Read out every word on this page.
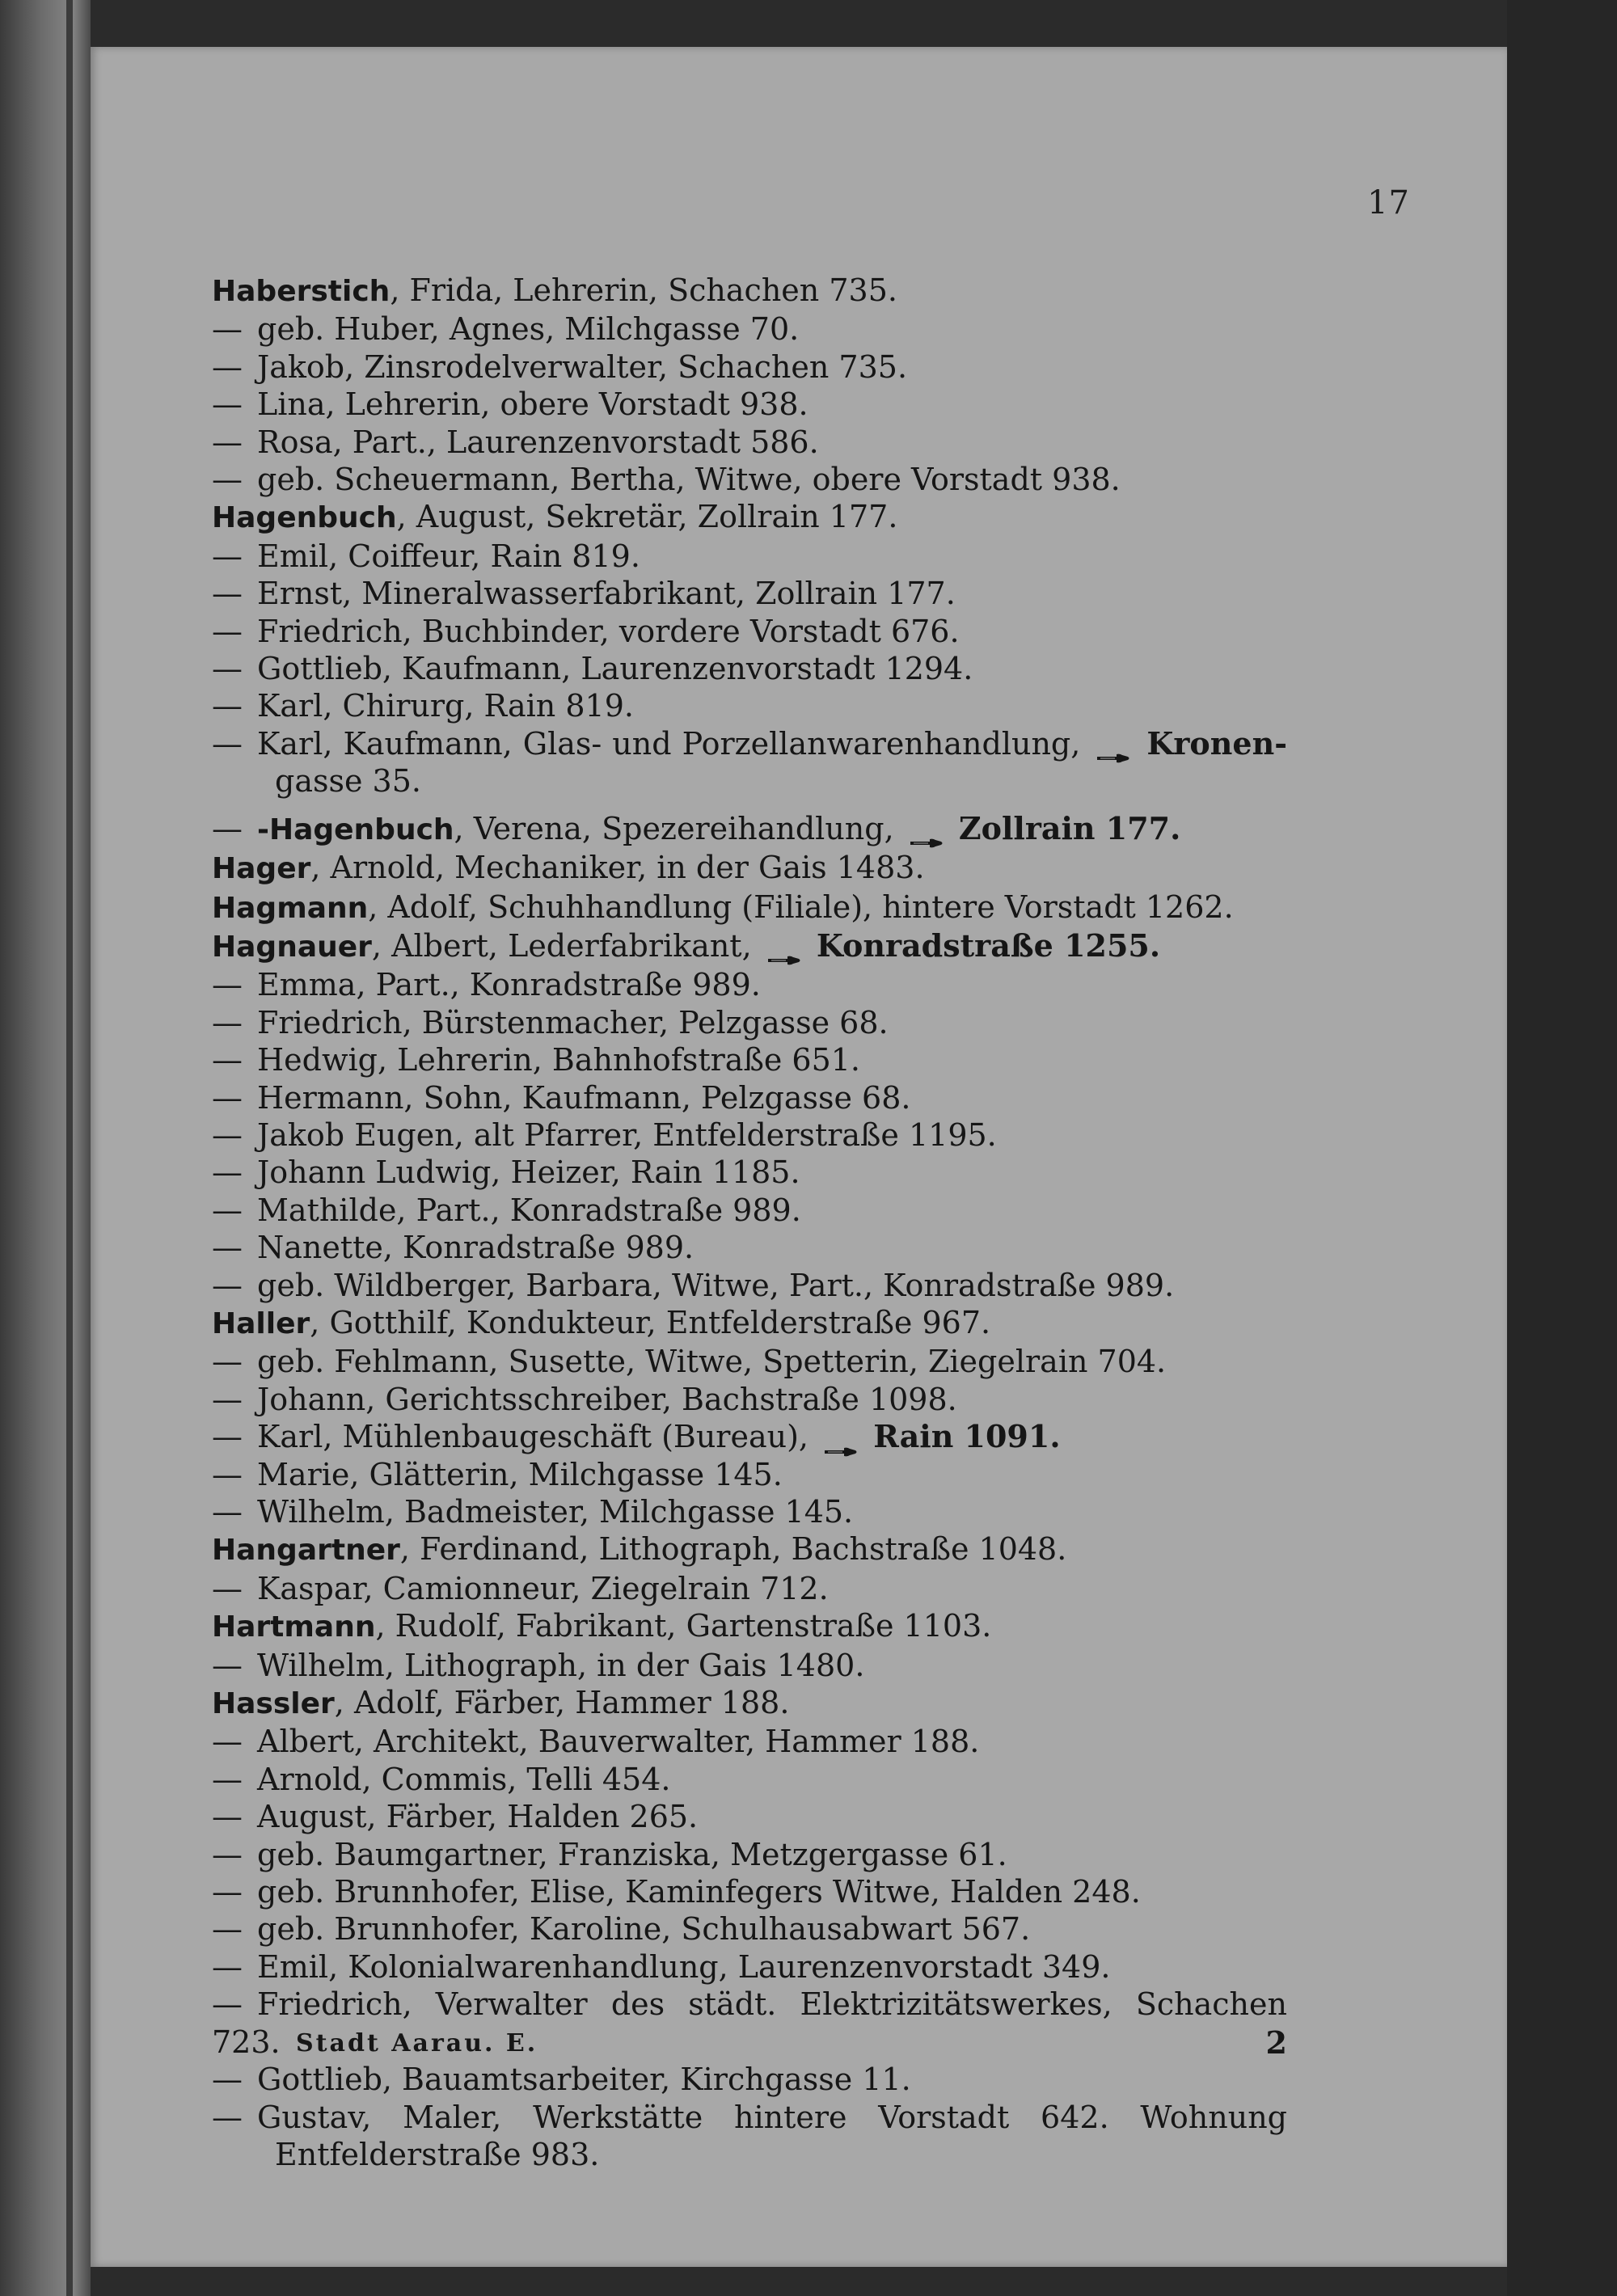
17
Haberstich, Frida, Lehrerin, Schachen 735.
— geb. Huber, Agnes, Milchgasse 70.
— Jakob, Zinsrodelverwalter, Schachen 735.
— Lina, Lehrerin, obere Vorstadt 938.
— Rosa, Part., Laurenzenvorstadt 586.
— geb. Scheuermann, Bertha, Witwe, obere Vorstadt 938.
Hagenbuch, August, Sekretär, Zollrain 177.
— Emil, Coiffeur, Rain 819.
— Ernst, Mineralwasserfabrikant, Zollrain 177.
— Friedrich, Buchbinder, vordere Vorstadt 676.
— Gottlieb, Kaufmann, Laurenzenvorstadt 1294.
— Karl, Chirurg, Rain 819.
— Karl, Kaufmann, Glas- und Porzellanwarenhandlung, Kronen-
gasse 35.
— -Hagenbuch, Verena, Spezereihandlung, Zollrain 177.
Hager, Arnold, Mechaniker, in der Gais 1483.
Hagmann, Adolf, Schuhhandlung (Filiale), hintere Vorstadt 1262.
Hagnauer, Albert, Lederfabrikant, Konradstraße 1255.
— Emma, Part., Konradstraße 989.
— Friedrich, Bürstenmacher, Pelzgasse 68.
— Hedwig, Lehrerin, Bahnhofstraße 651.
— Hermann, Sohn, Kaufmann, Pelzgasse 68.
— Jakob Eugen, alt Pfarrer, Entfelderstraße 1195.
— Johann Ludwig, Heizer, Rain 1185.
— Mathilde, Part., Konradstraße 989.
— Nanette, Konradstraße 989.
— geb. Wildberger, Barbara, Witwe, Part., Konradstraße 989.
Haller, Gotthilf, Kondukteur, Entfelderstraße 967.
— geb. Fehlmann, Susette, Witwe, Spetterin, Ziegelrain 704.
— Johann, Gerichtsschreiber, Bachstraße 1098.
— Karl, Mühlenbaugeschäft (Bureau), Rain 1091.
— Marie, Glätterin, Milchgasse 145.
— Wilhelm, Badmeister, Milchgasse 145.
Hangartner, Ferdinand, Lithograph, Bachstraße 1048.
— Kaspar, Camionneur, Ziegelrain 712.
Hartmann, Rudolf, Fabrikant, Gartenstraße 1103.
— Wilhelm, Lithograph, in der Gais 1480.
Hassler, Adolf, Färber, Hammer 188.
— Albert, Architekt, Bauverwalter, Hammer 188.
— Arnold, Commis, Telli 454.
— August, Färber, Halden 265.
— geb. Baumgartner, Franziska, Metzgergasse 61.
— geb. Brunnhofer, Elise, Kaminfegers Witwe, Halden 248.
— geb. Brunnhofer, Karoline, Schulhausabwart 567.
— Emil, Kolonialwarenhandlung, Laurenzenvorstadt 349.
— Friedrich, Verwalter des städt. Elektrizitätswerkes, Schachen 723.
— Gottlieb, Bauamtsarbeiter, Kirchgasse 11.
— Gustav, Maler, Werkstätte hintere Vorstadt 642. Wohnung
Entfelderstraße 983.
Stadt Aarau. E.	2
